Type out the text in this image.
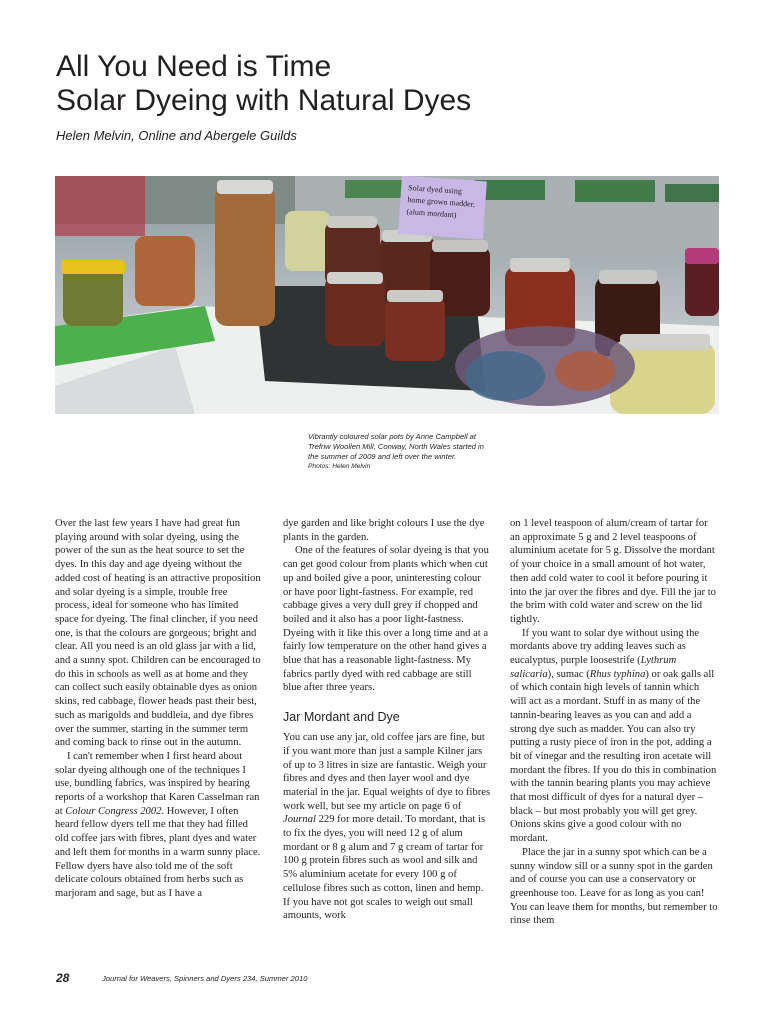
All You Need is Time
Solar Dyeing with Natural Dyes

Helen Melvin, Online and Abergele Guilds

Solar dyed using
home grown madder,
(alum mordant)
Vibrantly coloured solar pots by Anne Campbell at Trefriw Woollen Mill, Conway, North Wales started in the summer of 2009 and left over the winter.
Photos: Helen Melvin

Over the last few years I have had great fun playing around with solar dyeing, using the power of the sun as the heat source to set the dyes. In this day and age dyeing without the added cost of heating is an attractive proposition and solar dyeing is a simple, trouble free process, ideal for someone who has limited space for dyeing. The final clincher, if you need one, is that the colours are gorgeous; bright and clear. All you need is an old glass jar with a lid, and a sunny spot. Children can be encouraged to do this in schools as well as at home and they can collect such easily obtainable dyes as onion skins, red cabbage, flower heads past their best, such as marigolds and buddleia, and dye fibres over the summer, starting in the summer term and coming back to rinse out in the autumn.

I can't remember when I first heard about solar dyeing although one of the techniques I use, bundling fabrics, was inspired by hearing reports of a workshop that Karen Casselman ran at Colour Congress 2002. However, I often heard fellow dyers tell me that they had filled old coffee jars with fibres, plant dyes and water and left them for months in a warm sunny place. Fellow dyers have also told me of the soft delicate colours obtained from herbs such as marjoram and sage, but as I have a

dye garden and like bright colours I use the dye plants in the garden.

One of the features of solar dyeing is that you can get good colour from plants which when cut up and boiled give a poor, uninteresting colour or have poor light-fastness. For example, red cabbage gives a very dull grey if chopped and boiled and it also has a poor light-fastness. Dyeing with it like this over a long time and at a fairly low temperature on the other hand gives a blue that has a reasonable light-fastness. My fabrics partly dyed with red cabbage are still blue after three years.

Jar Mordant and Dye

You can use any jar, old coffee jars are fine, but if you want more than just a sample Kilner jars of up to 3 litres in size are fantastic. Weigh your fibres and dyes and then layer wool and dye material in the jar. Equal weights of dye to fibres work well, but see my article on page 6 of Journal 229 for more detail. To mordant, that is to fix the dyes, you will need 12 g of alum mordant or 8 g alum and 7 g cream of tartar for 100 g protein fibres such as wool and silk and 5% aluminium acetate for every 100 g of cellulose fibres such as cotton, linen and hemp. If you have not got scales to weigh out small amounts, work

on 1 level teaspoon of alum/cream of tartar for an approximate 5 g and 2 level teaspoons of aluminium acetate for 5 g. Dissolve the mordant of your choice in a small amount of hot water, then add cold water to cool it before pouring it into the jar over the fibres and dye. Fill the jar to the brim with cold water and screw on the lid tightly.

If you want to solar dye without using the mordants above try adding leaves such as eucalyptus, purple loosestrife (Lythrum salicaria), sumac (Rhus typhina) or oak galls all of which contain high levels of tannin which will act as a mordant. Stuff in as many of the tannin-bearing leaves as you can and add a strong dye such as madder. You can also try putting a rusty piece of iron in the pot, adding a bit of vinegar and the resulting iron acetate will mordant the fibres. If you do this in combination with the tannin bearing plants you may achieve that most difficult of dyes for a natural dyer – black – but most probably you will get grey. Onions skins give a good colour with no mordant.

Place the jar in a sunny spot which can be a sunny window sill or a sunny spot in the garden and of course you can use a conservatory or greenhouse too. Leave for as long as you can! You can leave them for months, but remember to rinse them

28	Journal for Weavers, Spinners and Dyers 234, Summer 2010
